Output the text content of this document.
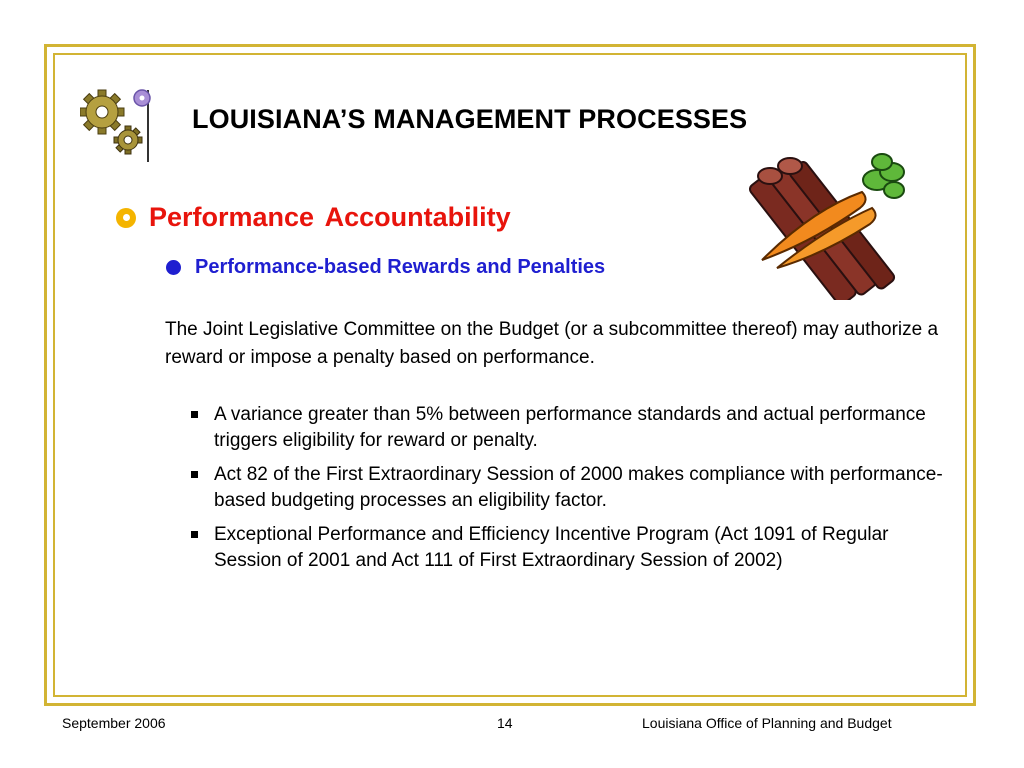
LOUISIANA’S MANAGEMENT PROCESSES
Performance Accountability
Performance-based Rewards and Penalties
The Joint Legislative Committee on the Budget (or a subcommittee thereof) may authorize a reward or impose a penalty based on performance.
A variance greater than 5% between performance standards and actual performance triggers eligibility for reward or penalty.
Act 82 of the First Extraordinary Session of 2000 makes compliance with performance-based budgeting processes an eligibility factor.
Exceptional Performance and Efficiency Incentive Program (Act 1091 of Regular Session of 2001 and Act 111 of First Extraordinary Session of 2002)
September 2006	14	Louisiana Office of Planning and Budget
